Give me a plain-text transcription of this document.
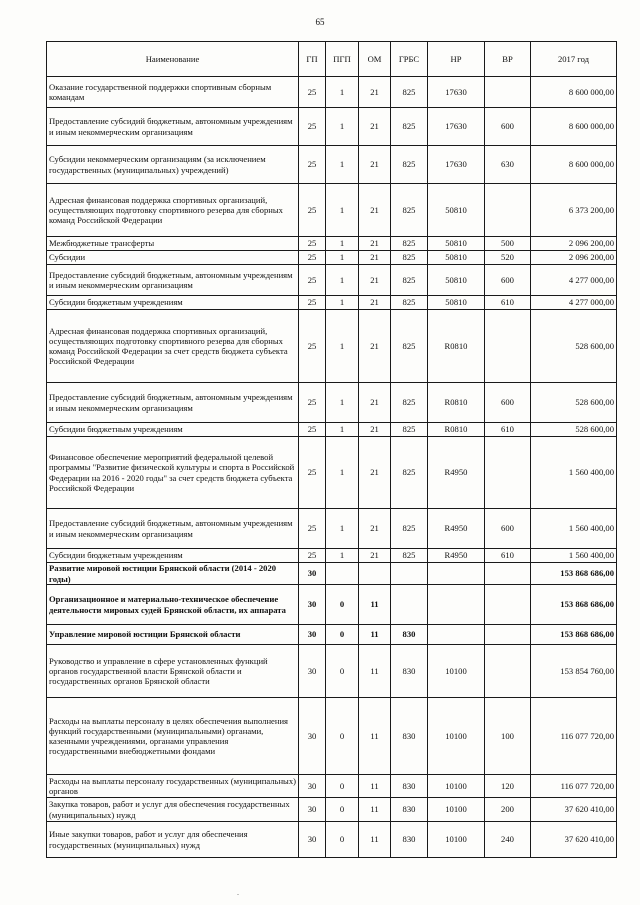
65
Наименование	ГП	ПГП	ОМ	ГРБС	НР	ВР	2017 год
Оказание государственной поддержки спортивным сборным командам	25	1	21	825	17630		8 600 000,00
Предоставление субсидий бюджетным, автономным учреждениям и иным некоммерческим организациям	25	1	21	825	17630	600	8 600 000,00
Субсидии некоммерческим организациям (за исключением государственных (муниципальных) учреждений)	25	1	21	825	17630	630	8 600 000,00
Адресная финансовая поддержка спортивных организаций, осуществляющих подготовку спортивного резерва для сборных команд Российской Федерации	25	1	21	825	50810		6 373 200,00
Межбюджетные трансферты	25	1	21	825	50810	500	2 096 200,00
Субсидии	25	1	21	825	50810	520	2 096 200,00
Предоставление субсидий бюджетным, автономным учреждениям и иным некоммерческим организациям	25	1	21	825	50810	600	4 277 000,00
Субсидии бюджетным учреждениям	25	1	21	825	50810	610	4 277 000,00
Адресная финансовая поддержка спортивных организаций, осуществляющих подготовку спортивного резерва для сборных команд Российской Федерации за счет средств бюджета субъекта Российской Федерации	25	1	21	825	R0810		528 600,00
Предоставление субсидий бюджетным, автономным учреждениям и иным некоммерческим организациям	25	1	21	825	R0810	600	528 600,00
Субсидии бюджетным учреждениям	25	1	21	825	R0810	610	528 600,00
Финансовое обеспечение мероприятий федеральной целевой программы "Развитие физической культуры и спорта в Российской Федерации на 2016 - 2020 годы" за счет средств бюджета субъекта Российской Федерации	25	1	21	825	R4950		1 560 400,00
Предоставление субсидий бюджетным, автономным учреждениям и иным некоммерческим организациям	25	1	21	825	R4950	600	1 560 400,00
Субсидии бюджетным учреждениям	25	1	21	825	R4950	610	1 560 400,00
Развитие мировой юстиции Брянской области (2014 - 2020 годы)	30						153 868 686,00
Организационное и материально-техническое обеспечение деятельности мировых судей Брянской области, их аппарата	30	0	11				153 868 686,00
Управление мировой юстиции Брянской области	30	0	11	830			153 868 686,00
Руководство и управление в сфере установленных функций органов государственной власти Брянской области и государственных органов Брянской области	30	0	11	830	10100		153 854 760,00
Расходы на выплаты персоналу в целях обеспечения выполнения функций государственными (муниципальными) органами, казенными учреждениями, органами управления государственными внебюджетными фондами	30	0	11	830	10100	100	116 077 720,00
Расходы на выплаты персоналу государственных (муниципальных) органов	30	0	11	830	10100	120	116 077 720,00
Закупка товаров, работ и услуг для обеспечения государственных (муниципальных) нужд	30	0	11	830	10100	200	37 620 410,00
Иные закупки товаров, работ и услуг для обеспечения государственных (муниципальных) нужд	30	0	11	830	10100	240	37 620 410,00
.
